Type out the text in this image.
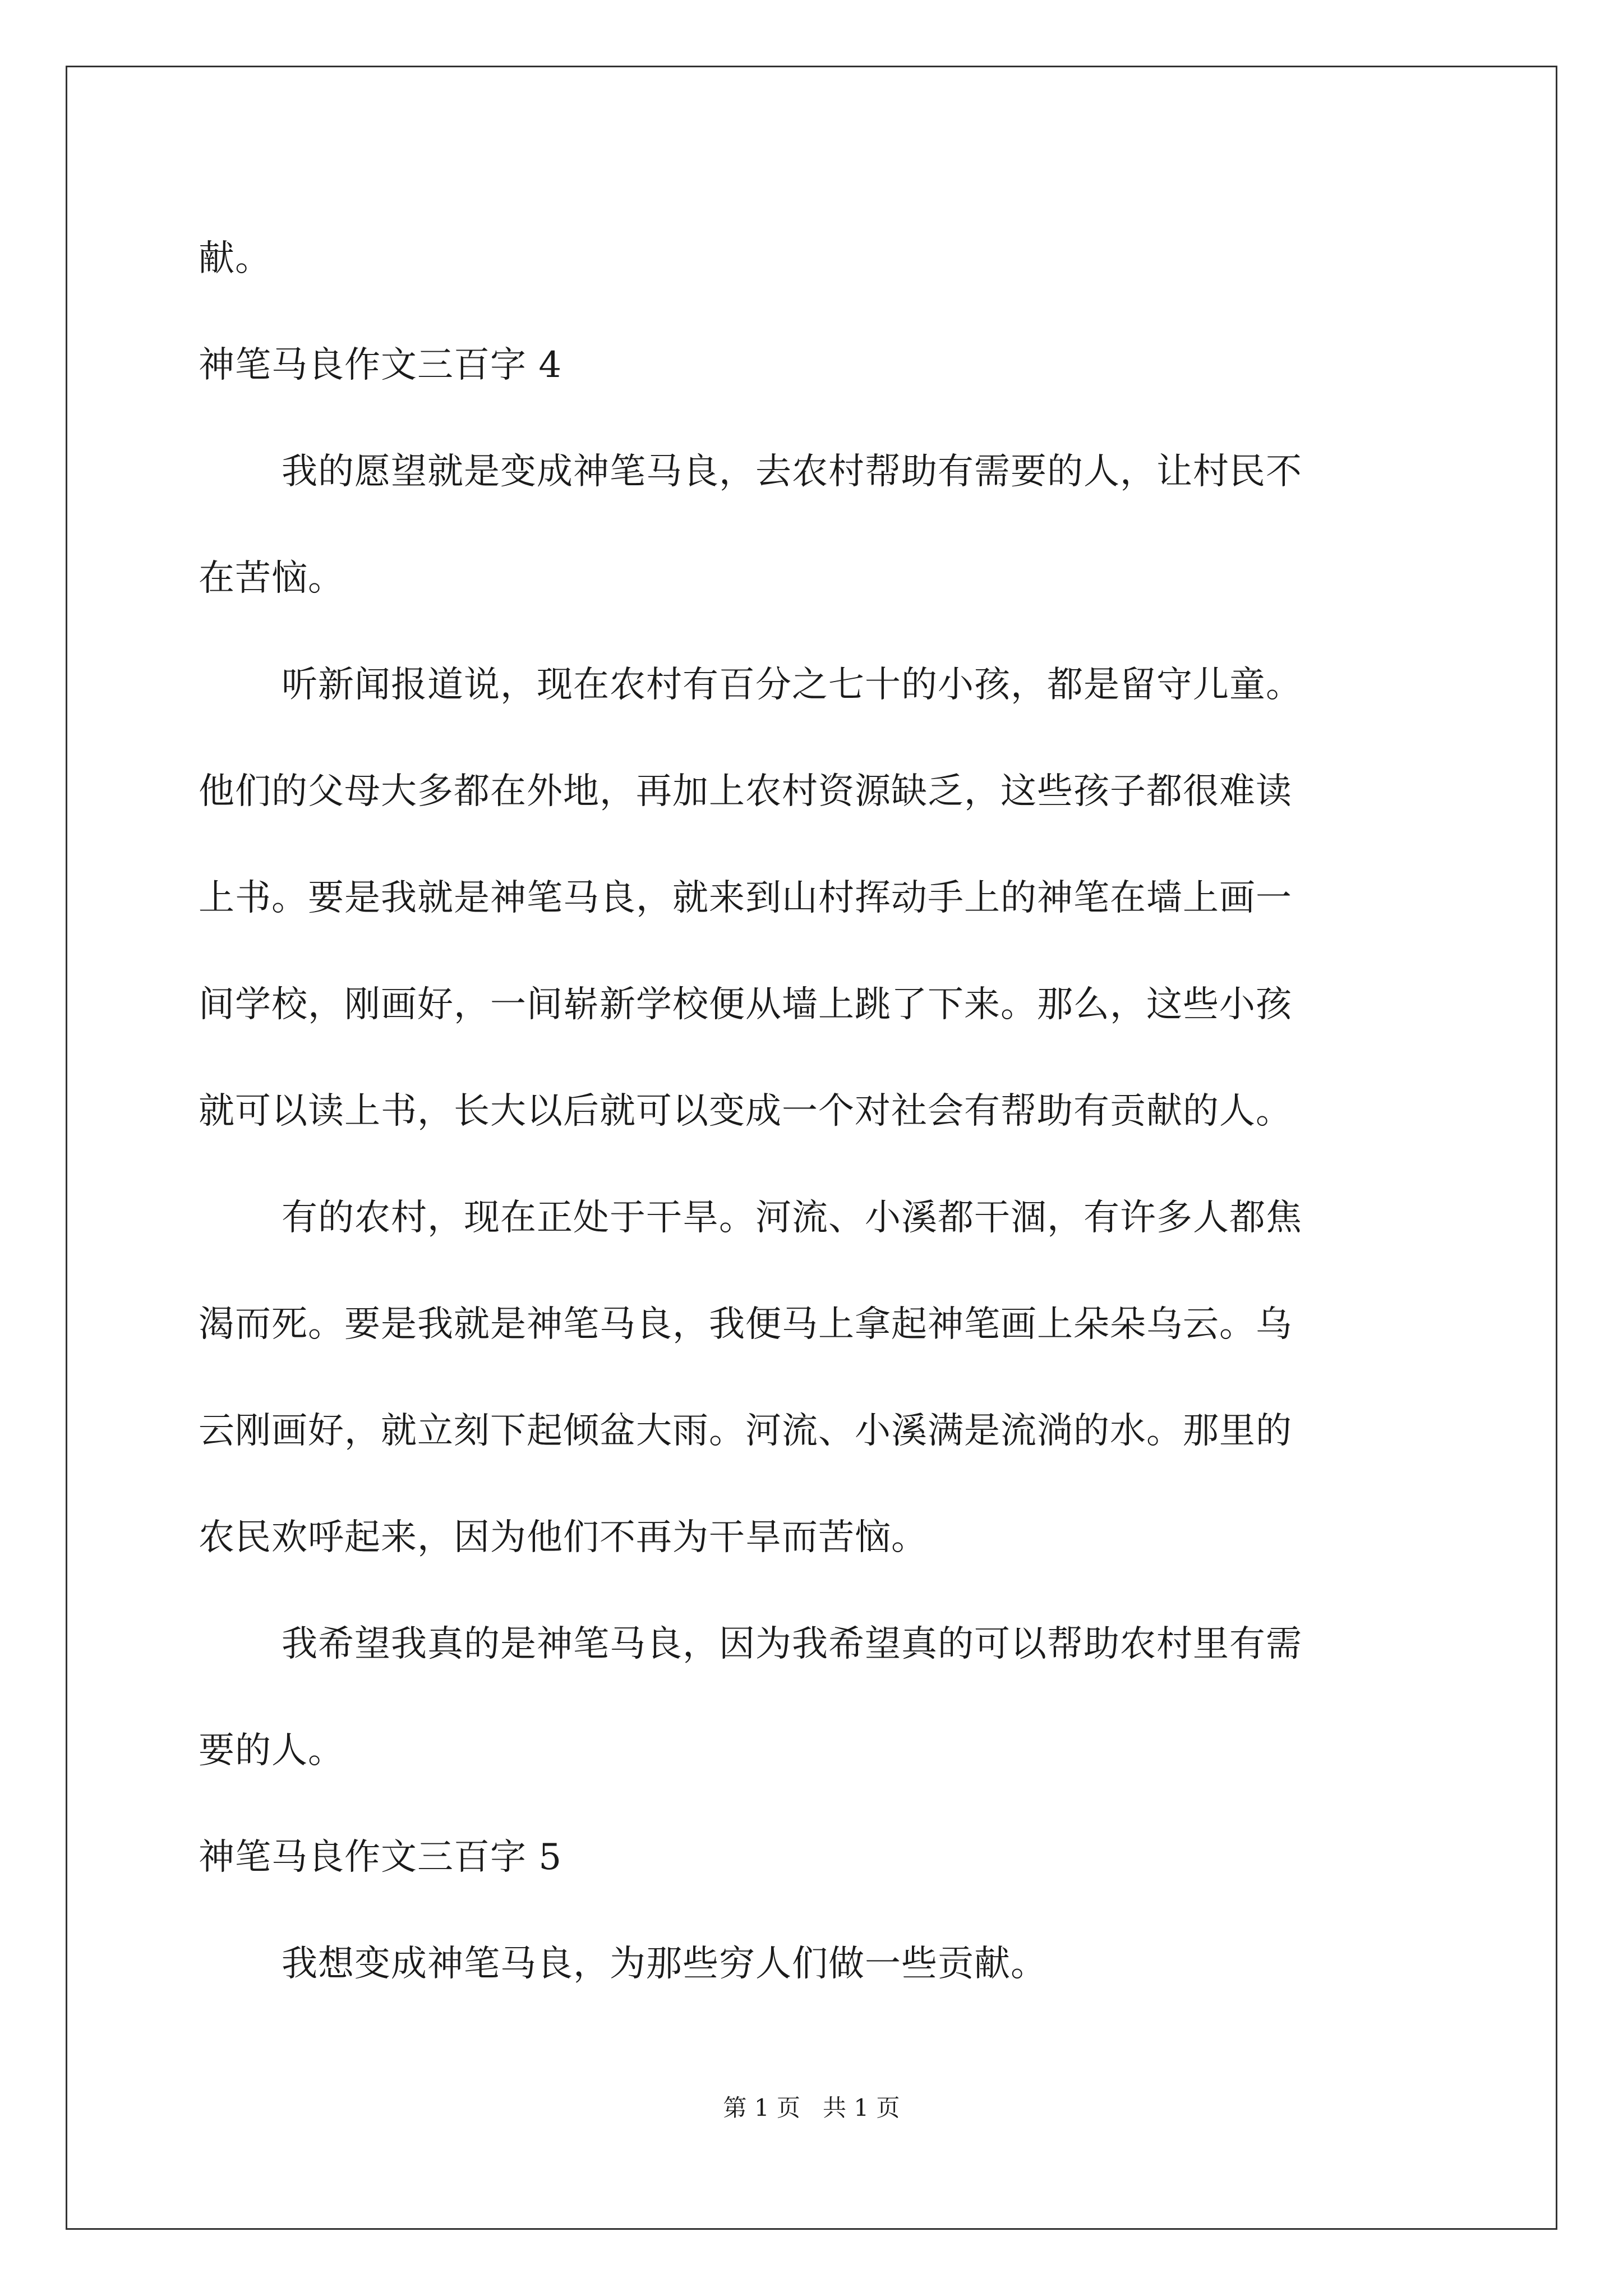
献。
神笔马良作文三百字 4
我的愿望就是变成神笔马良，去农村帮助有需要的人，让村民不
在苦恼。
听新闻报道说，现在农村有百分之七十的小孩，都是留守儿童。
他们的父母大多都在外地，再加上农村资源缺乏，这些孩子都很难读
上书。要是我就是神笔马良，就来到山村挥动手上的神笔在墙上画一
间学校，刚画好，一间崭新学校便从墙上跳了下来。那么，这些小孩
就可以读上书，长大以后就可以变成一个对社会有帮助有贡献的人。
有的农村，现在正处于干旱。河流、小溪都干涸，有许多人都焦
渴而死。要是我就是神笔马良，我便马上拿起神笔画上朵朵乌云。乌
云刚画好，就立刻下起倾盆大雨。河流、小溪满是流淌的水。那里的
农民欢呼起来，因为他们不再为干旱而苦恼。
我希望我真的是神笔马良，因为我希望真的可以帮助农村里有需
要的人。
神笔马良作文三百字 5
我想变成神笔马良，为那些穷人们做一些贡献。
第 1 页   共 1 页
